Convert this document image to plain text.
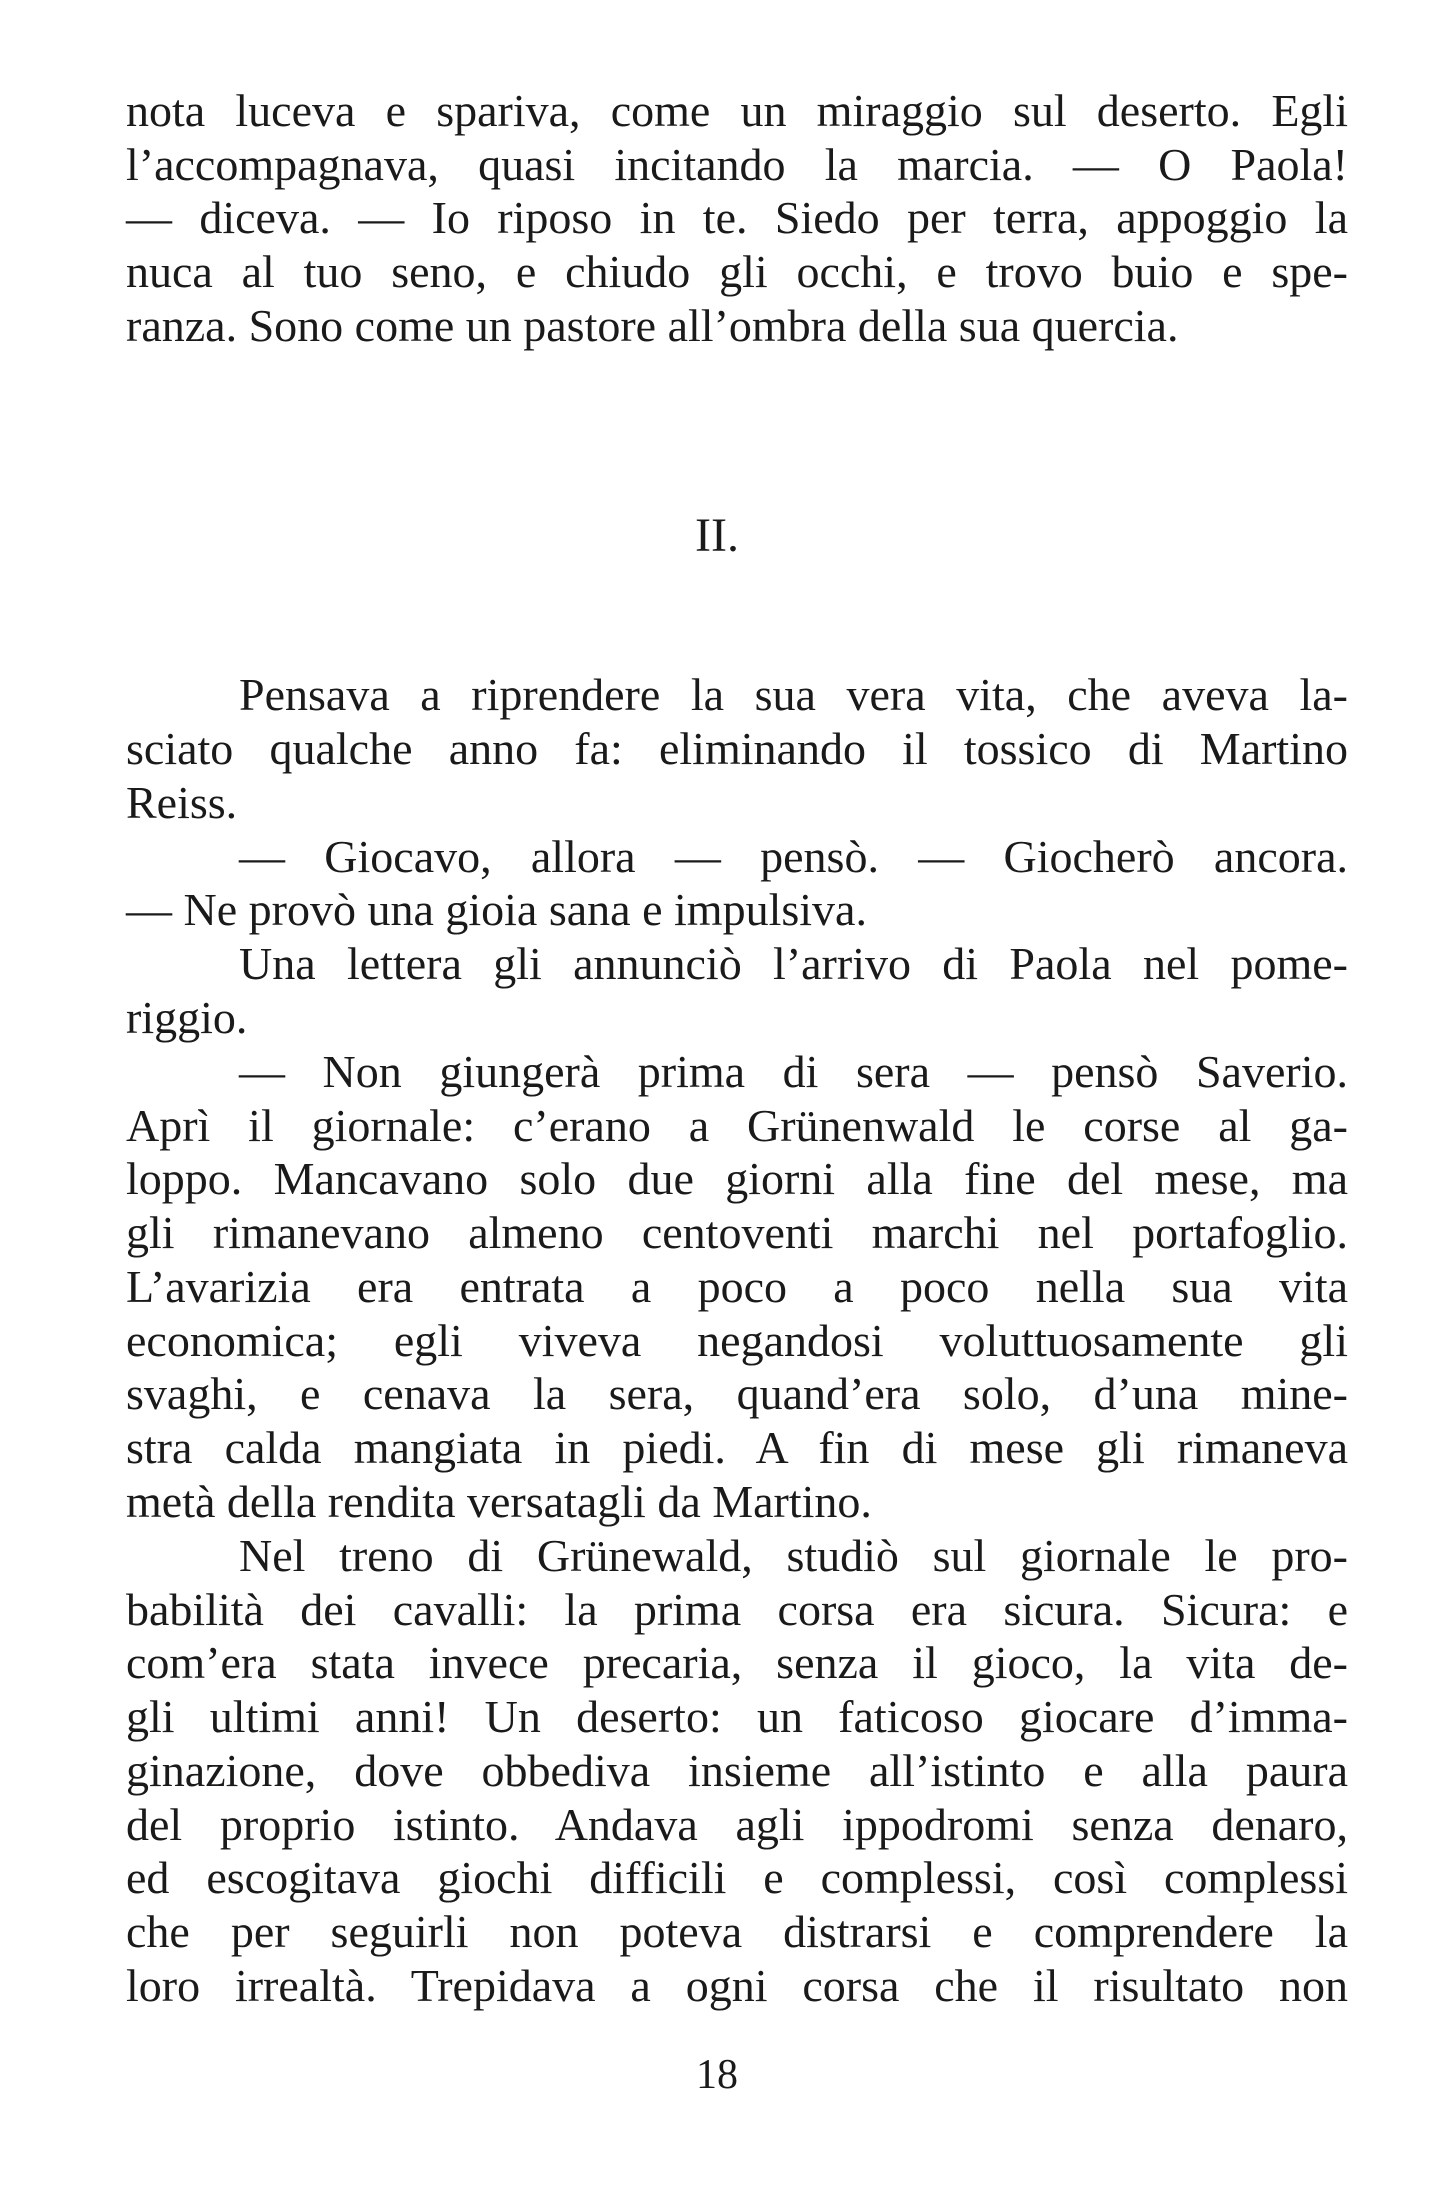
nota luceva e spariva, come un miraggio sul deserto. Egli
l’accompagnava, quasi incitando la marcia. — O Paola!
— diceva. — Io riposo in te. Siedo per terra, appoggio la
nuca al tuo seno, e chiudo gli occhi, e trovo buio e spe-
ranza. Sono come un pastore all’ombra della sua quercia.
II.
Pensava a riprendere la sua vera vita, che aveva la-
sciato qualche anno fa: eliminando il tossico di Martino
Reiss.
— Giocavo, allora — pensò. — Giocherò ancora.
— Ne provò una gioia sana e impulsiva.
Una lettera gli annunciò l’arrivo di Paola nel pome-
riggio.
— Non giungerà prima di sera — pensò Saverio.
Aprì il giornale: c’erano a Grünenwald le corse al ga-
loppo. Mancavano solo due giorni alla fine del mese, ma
gli rimanevano almeno centoventi marchi nel portafoglio.
L’avarizia era entrata a poco a poco nella sua vita
economica; egli viveva negandosi voluttuosamente gli
svaghi, e cenava la sera, quand’era solo, d’una mine-
stra calda mangiata in piedi. A fin di mese gli rimaneva
metà della rendita versatagli da Martino.
Nel treno di Grünewald, studiò sul giornale le pro-
babilità dei cavalli: la prima corsa era sicura. Sicura: e
com’era stata invece precaria, senza il gioco, la vita de-
gli ultimi anni! Un deserto: un faticoso giocare d’imma-
ginazione, dove obbediva insieme all’istinto e alla paura
del proprio istinto. Andava agli ippodromi senza denaro,
ed escogitava giochi difficili e complessi, così complessi
che per seguirli non poteva distrarsi e comprendere la
loro irrealtà. Trepidava a ogni corsa che il risultato non
18
